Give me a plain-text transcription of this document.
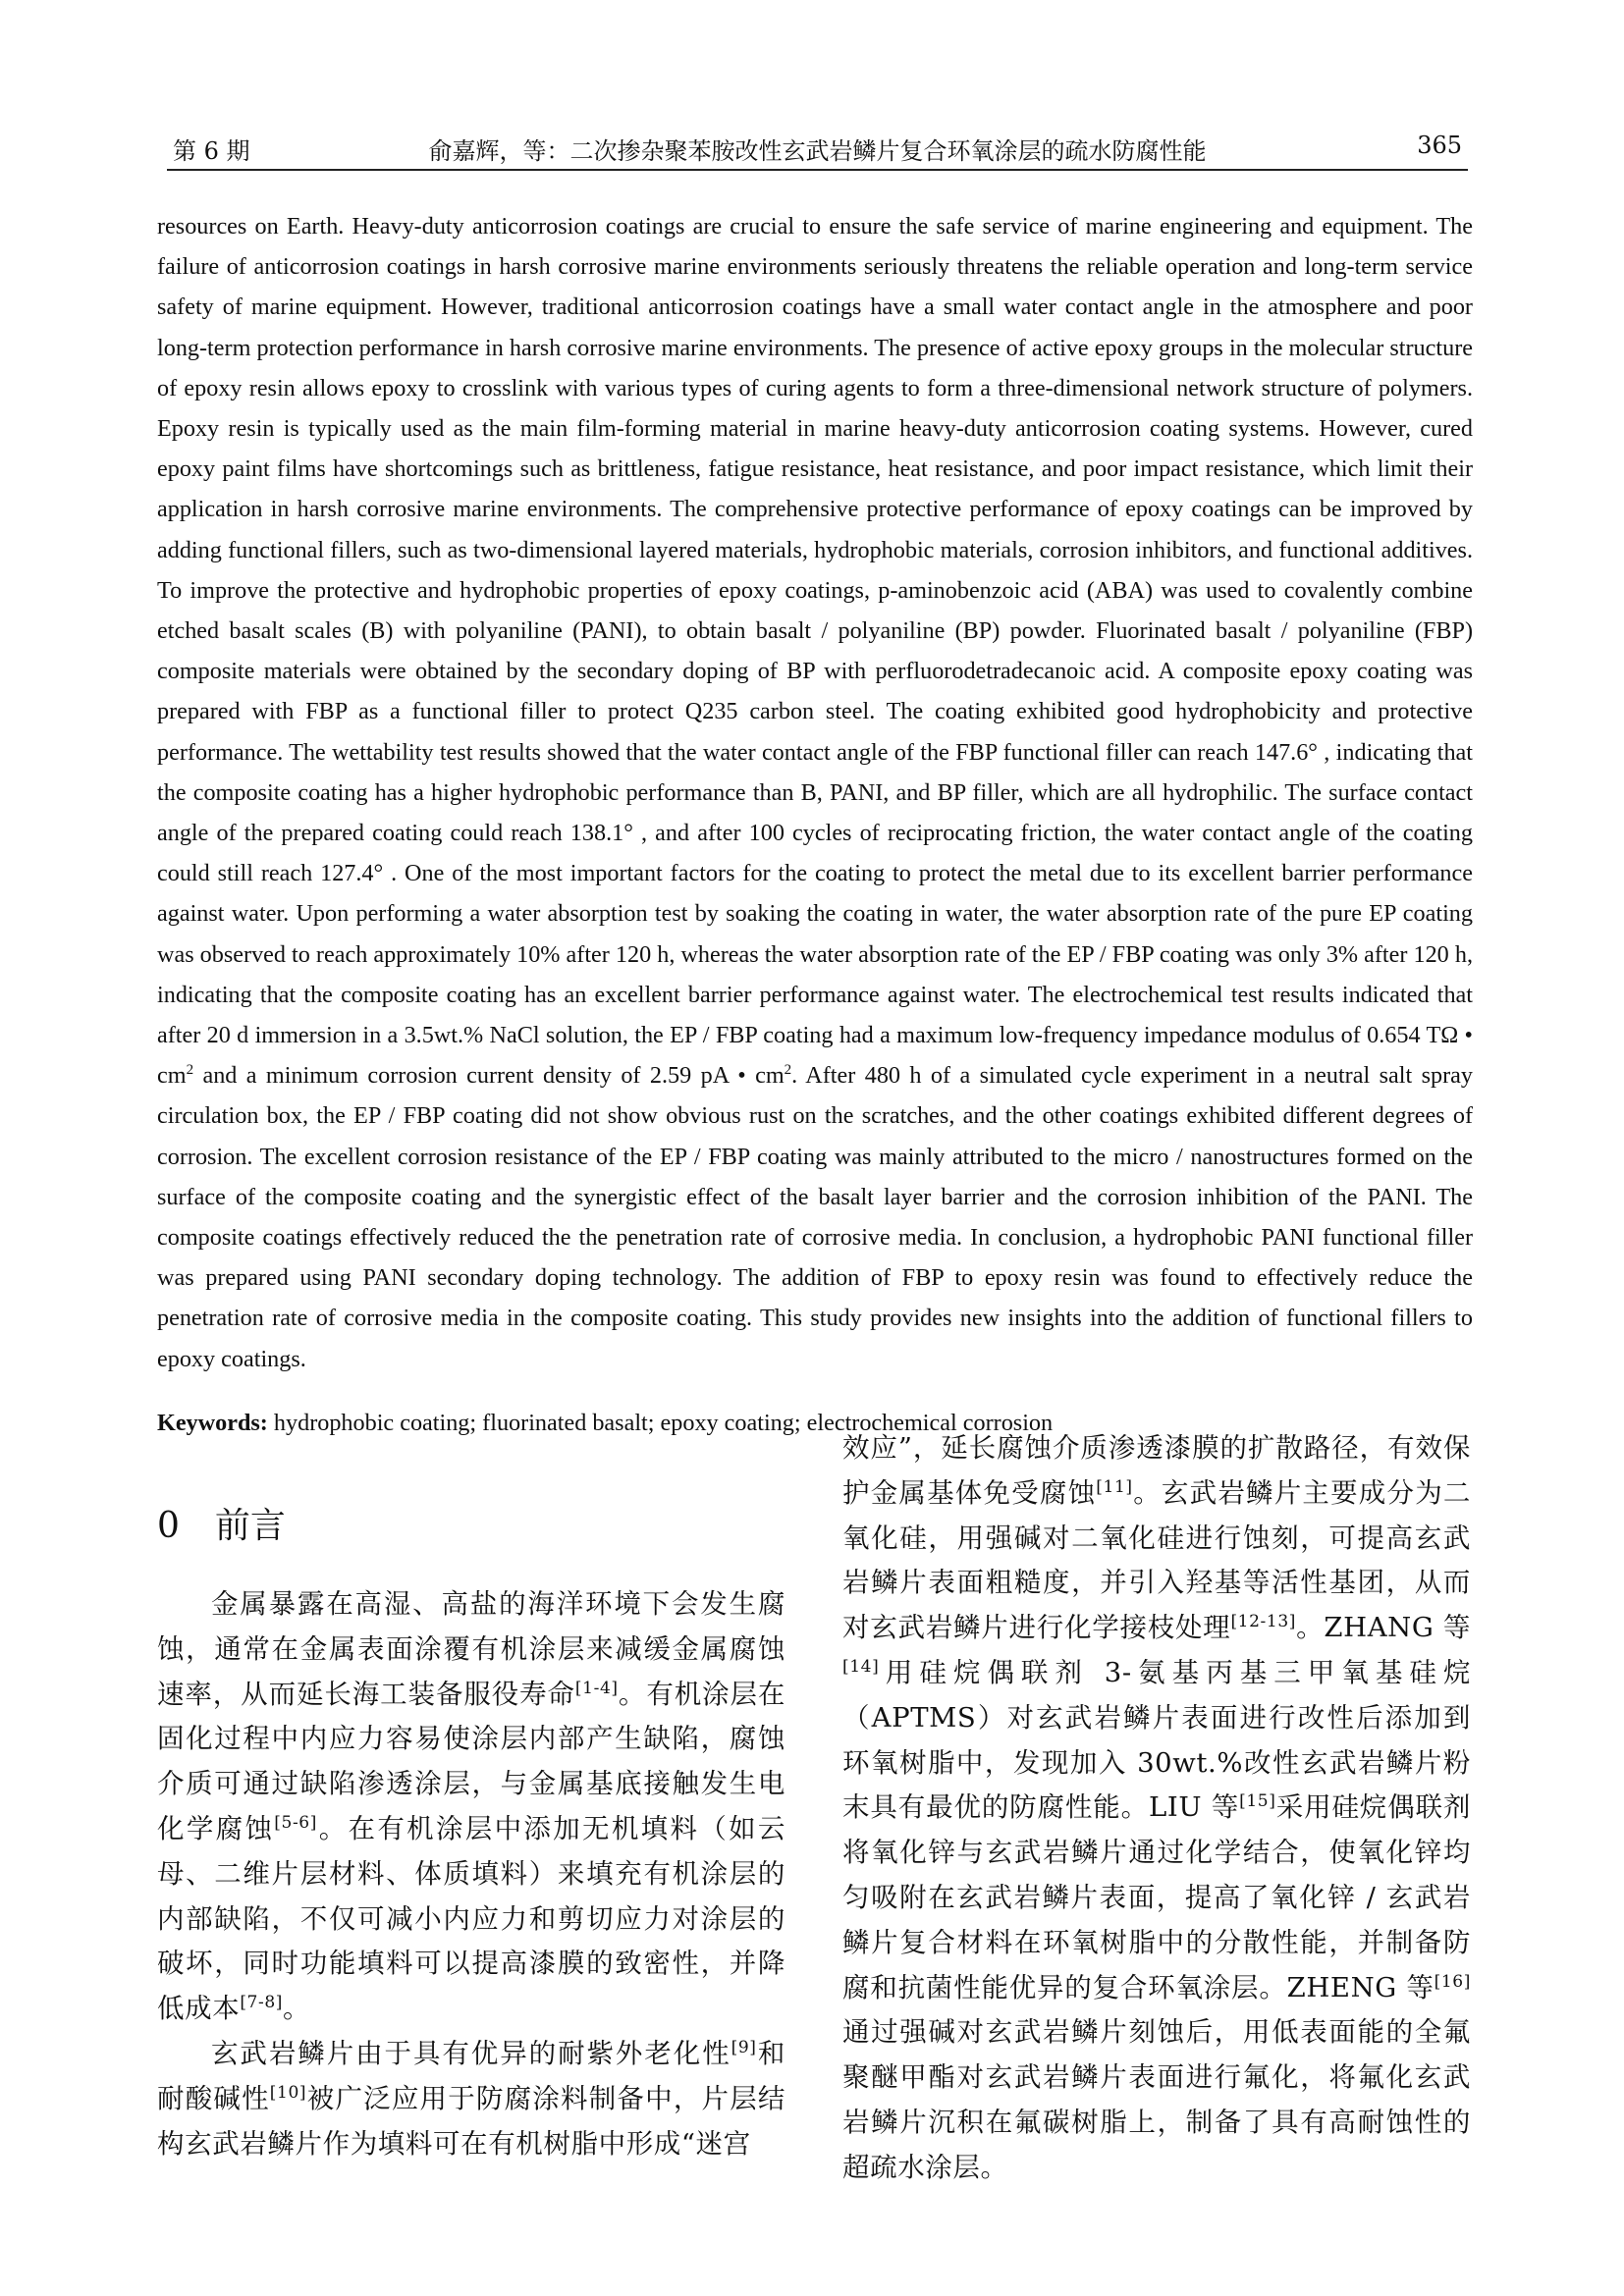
第 6 期	俞嘉辉，等：二次掺杂聚苯胺改性玄武岩鳞片复合环氧涂层的疏水防腐性能	365

resources on Earth. Heavy-duty anticorrosion coatings are crucial to ensure the safe service of marine engineering and equipment. The failure of anticorrosion coatings in harsh corrosive marine environments seriously threatens the reliable operation and long-term service safety of marine equipment. However, traditional anticorrosion coatings have a small water contact angle in the atmosphere and poor long-term protection performance in harsh corrosive marine environments. The presence of active epoxy groups in the molecular structure of epoxy resin allows epoxy to crosslink with various types of curing agents to form a three-dimensional network structure of polymers. Epoxy resin is typically used as the main film-forming material in marine heavy-duty anticorrosion coating systems. However, cured epoxy paint films have shortcomings such as brittleness, fatigue resistance, heat resistance, and poor impact resistance, which limit their application in harsh corrosive marine environments. The comprehensive protective performance of epoxy coatings can be improved by adding functional fillers, such as two-dimensional layered materials, hydrophobic materials, corrosion inhibitors, and functional additives. To improve the protective and hydrophobic properties of epoxy coatings, p-aminobenzoic acid (ABA) was used to covalently combine etched basalt scales (B) with polyaniline (PANI), to obtain basalt / polyaniline (BP) powder. Fluorinated basalt / polyaniline (FBP) composite materials were obtained by the secondary doping of BP with perfluorodetradecanoic acid. A composite epoxy coating was prepared with FBP as a functional filler to protect Q235 carbon steel. The coating exhibited good hydrophobicity and protective performance. The wettability test results showed that the water contact angle of the FBP functional filler can reach 147.6° , indicating that the composite coating has a higher hydrophobic performance than B, PANI, and BP filler, which are all hydrophilic. The surface contact angle of the prepared coating could reach 138.1° , and after 100 cycles of reciprocating friction, the water contact angle of the coating could still reach 127.4° . One of the most important factors for the coating to protect the metal due to its excellent barrier performance against water. Upon performing a water absorption test by soaking the coating in water, the water absorption rate of the pure EP coating was observed to reach approximately 10% after 120 h, whereas the water absorption rate of the EP / FBP coating was only 3% after 120 h, indicating that the composite coating has an excellent barrier performance against water. The electrochemical test results indicated that after 20 d immersion in a 3.5wt.% NaCl solution, the EP / FBP coating had a maximum low-frequency impedance modulus of 0.654 TΩ • $cm^2$ and a minimum corrosion current density of 2.59 pA • $cm^2$. After 480 h of a simulated cycle experiment in a neutral salt spray circulation box, the EP / FBP coating did not show obvious rust on the scratches, and the other coatings exhibited different degrees of corrosion. The excellent corrosion resistance of the EP / FBP coating was mainly attributed to the micro / nanostructures formed on the surface of the composite coating and the synergistic effect of the basalt layer barrier and the corrosion inhibition of the PANI. The composite coatings effectively reduced the the penetration rate of corrosive media. In conclusion, a hydrophobic PANI functional filler was prepared using PANI secondary doping technology. The addition of FBP to epoxy resin was found to effectively reduce the penetration rate of corrosive media in the composite coating. This study provides new insights into the addition of functional fillers to epoxy coatings.

Keywords: hydrophobic coating; fluorinated basalt; epoxy coating; electrochemical corrosion

0 前言

金属暴露在高湿、高盐的海洋环境下会发生腐蚀，通常在金属表面涂覆有机涂层来减缓金属腐蚀速率，从而延长海工装备服役寿命[1-4]。有机涂层在固化过程中内应力容易使涂层内部产生缺陷，腐蚀介质可通过缺陷渗透涂层，与金属基底接触发生电化学腐蚀[5-6]。在有机涂层中添加无机填料（如云母、二维片层材料、体质填料）来填充有机涂层的内部缺陷，不仅可减小内应力和剪切应力对涂层的破坏，同时功能填料可以提高漆膜的致密性，并降低成本[7-8]。

玄武岩鳞片由于具有优异的耐紫外老化性[9]和耐酸碱性[10]被广泛应用于防腐涂料制备中，片层结构玄武岩鳞片作为填料可在有机树脂中形成“迷宫

效应”，延长腐蚀介质渗透漆膜的扩散路径，有效保护金属基体免受腐蚀[11]。玄武岩鳞片主要成分为二氧化硅，用强碱对二氧化硅进行蚀刻，可提高玄武岩鳞片表面粗糙度，并引入羟基等活性基团，从而对玄武岩鳞片进行化学接枝处理[12-13]。ZHANG 等[14]用硅烷偶联剂 3-氨基丙基三甲氧基硅烷（APTMS）对玄武岩鳞片表面进行改性后添加到环氧树脂中，发现加入 30wt.%改性玄武岩鳞片粉末具有最优的防腐性能。LIU 等[15]采用硅烷偶联剂将氧化锌与玄武岩鳞片通过化学结合，使氧化锌均匀吸附在玄武岩鳞片表面，提高了氧化锌 / 玄武岩鳞片复合材料在环氧树脂中的分散性能，并制备防腐和抗菌性能优异的复合环氧涂层。ZHENG 等[16]通过强碱对玄武岩鳞片刻蚀后，用低表面能的全氟聚醚甲酯对玄武岩鳞片表面进行氟化，将氟化玄武岩鳞片沉积在氟碳树脂上，制备了具有高耐蚀性的超疏水涂层。
